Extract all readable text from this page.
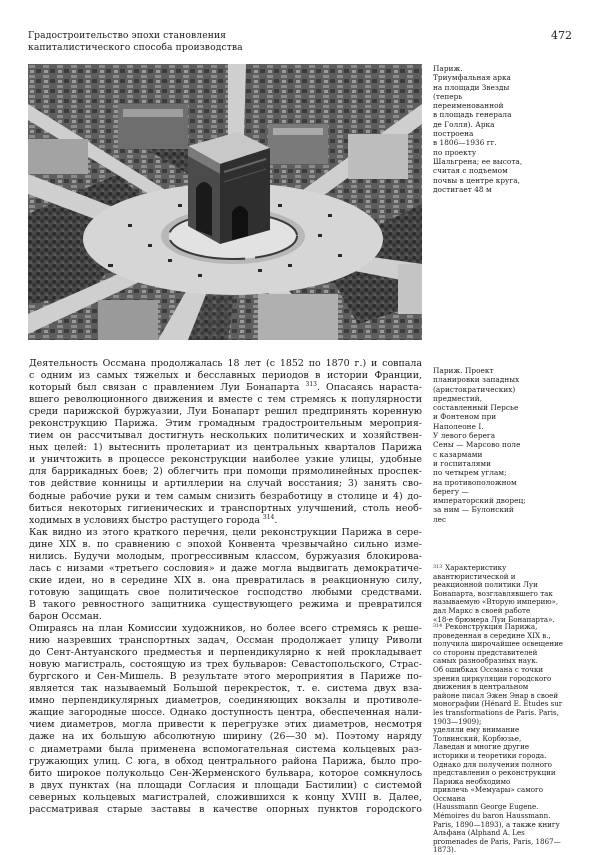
Градостроительство эпохи становления
капиталистического способа производства
472
Париж.
Триумфальная арка
на площади Звезды
(теперь
переименованной
в площадь генерала
де Голля). Арка
построена
в 1806—1936 гг.
по проекту
Шальгрена; ее высота,
считая с подъемом
почвы в центре круга,
достигает 48 м
Париж. Проект
планировки западных
(аристократических)
предместий,
составленный Персье
и Фонтеном при
Наполеоне I.
У левого берега
Сены — Марсово поле
с казармами
и госпиталями
по четырем углам;
на противоположном
берегу —
императорский дворец;
за ним — Булонский
лес
Деятельность Оссмана продолжалась 18 лет (с 1852 по 1870 г.) и совпала
с одним из самых тяжелых и бесславных периодов в истории Франции,
который был связан с правлением Луи Бонапарта $^{313}$. Опасаясь нараста-
вшего революционного движения и вместе с тем стремясь к популярности
среди парижской буржуазии, Луи Бонапарт решил предпринять коренную
реконструкцию Парижа. Этим громадным градостроительным мероприя-
тием он рассчитывал достигнуть нескольких политических и хозяйствен-
ных целей: 1) вытеснить пролетариат из центральных кварталов Парижа
и уничтожить в процессе реконструкции наиболее узкие улицы, удобные
для баррикадных боев; 2) облегчить при помощи прямолинейных проспек-
тов действие конницы и артиллерии на случай восстания; 3) занять сво-
бодные рабочие руки и тем самым снизить безработицу в столице и 4) до-
биться некоторых гигиенических и транспортных улучшений, столь необ-
ходимых в условиях быстро растущего города $^{314}$.
Как видно из этого краткого перечня, цели реконструкции Парижа в сере-
дине XIX в. по сравнению с эпохой Конвента чрезвычайно сильно изме-
нились. Будучи молодым, прогрессивным классом, буржуазия блокирова-
лась с низами «третьего сословия» и даже могла выдвигать демократиче-
ские идеи, но в середине XIX в. она превратилась в реакционную силу,
готовую защищать свое политическое господство любыми средствами.
В такого ревностного защитника существующего режима и превратился
барон Оссман.
Опираясь на план Комиссии художников, но более всего стремясь к реше-
нию назревших транспортных задач, Оссман продолжает улицу Риволи
до Сент-Антуанского предместья и перпендикулярно к ней прокладывает
новую магистраль, состоящую из трех бульваров: Севастопольского, Страс-
бургского и Сен-Мишель. В результате этого мероприятия в Париже по-
является так называемый Большой перекресток, т. е. система двух вза-
имно перпендикулярных диаметров, соединяющих вокзалы и противоле-
жащие загородные шоссе. Однако доступность центра, обеспеченная нали-
чием диаметров, могла привести к перегрузке этих диаметров, несмотря
даже на их большую абсолютную ширину (26—30 м). Поэтому наряду
с диаметрами была применена вспомогательная система кольцевых раз-
гружающих улиц. С юга, в обход центрального района Парижа, было про-
бито широкое полукольцо Сен-Жерменского бульвара, которое сомкнулось
в двух пунктах (на площади Согласия и площади Бастилии) с системой
северных кольцевых магистралей, сложившихся к концу XVIII в. Далее,
рассматривая старые заставы в качестве опорных пунктов городского
$^{313}$ Характеристику
авантюристической и
реакционной политики Луи
Бонапарта, возглавлявшего так
называемую «Вторую империю»,
дал Маркс в своей работе
«18-е брюмера Луи Бонапарта».
$^{314}$ Реконструкция Парижа,
проведенная в середине XIX в.,
получила широчайшее освещение
со стороны представителей
самых разнообразных наук.
Об ошибках Оссмана с точки
зрения циркуляции городского
движения в центральном
районе писал Эжен Энар в своей
монографии (Hénard E. Études sur
les transformations de Paris. Paris,
1903—1909);
уделяли ему внимание
Толвинский, Корбюзье,
Лаведан и многие другие
историки и теоретики города.
Однако для получения полного
представления о реконструкции
Парижа необходимо
привлечь «Мемуары» самого
Оссмана
(Haussmann George Eugene.
Mémoires du baron Haussmann.
Paris, 1890—1893), а также книгу
Альфана (Alphand A. Les
promenades de Paris, Paris, 1867—
1873).
